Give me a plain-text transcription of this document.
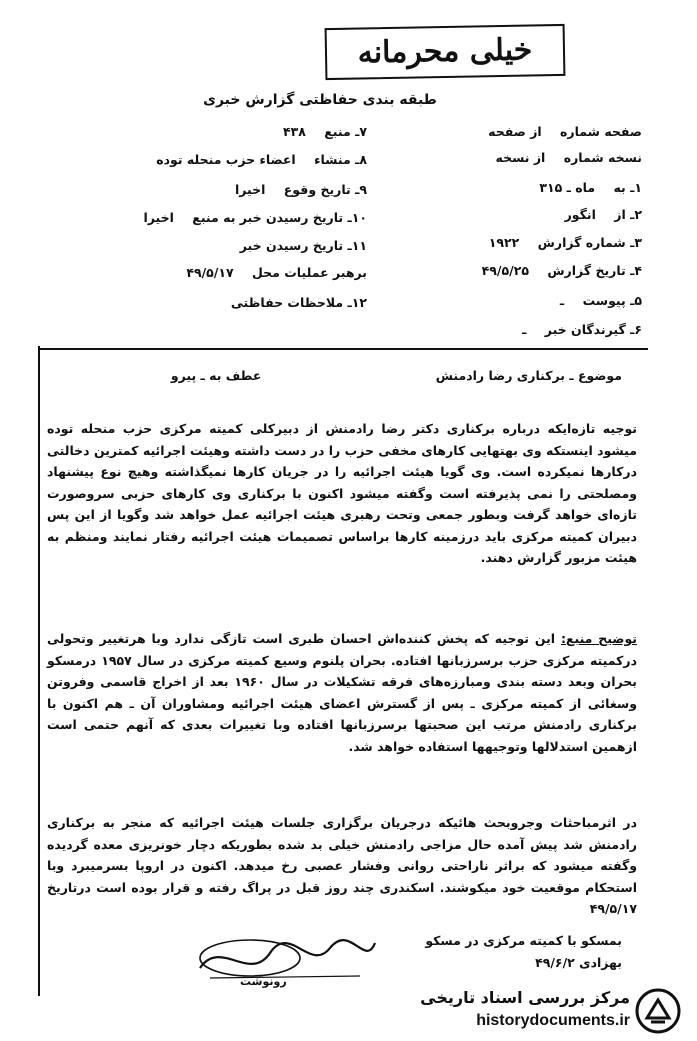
خیلی محرمانه
طبقه بندی حفاظتی گزارش خبری
صفحه شماره از صفحه
نسخه شماره از نسخه
۱ـ به ماه ـ ۳۱۵
۲ـ از انگور
۳ـ شماره گزارش ۱۹۲۲
۴ـ تاریخ گزارش ۴۹/۵/۲۵
۵ـ پیوست ـ
۶ـ گیرندگان خبر ـ
۷ـ منبع ۴۳۸
۸ـ منشاء اعضاء حزب منحله توده
۹ـ تاریخ وقوع اخیرا
۱۰ـ تاریخ رسیدن خبر به منبع اخیرا
۱۱ـ تاریخ رسیدن خبر
برهبر عملیات محل ۴۹/۵/۱۷
۱۲ـ ملاحظات حفاظتی
موضوع ـ برکناری رضا رادمنش عطف به ـ پیرو

توجیه تازه‌ایکه درباره برکناری دکتر رضا رادمنش از دبیرکلی کمیته مرکزی حزب منحله توده میشود اینستکه وی بهتهایی کارهای مخفی حزب را در دست داشته وهیئت اجرائیه کمترین دخالتی درکارها نمیکرده است. وی گویا هیئت اجرائیه را در جریان کارها نمیگذاشته وهیچ نوع پیشنهاد ومصلحتی را نمی پذیرفته است وگفته میشود اکنون با برکناری وی کارهای حزبی سروصورت تازه‌ای خواهد گرفت وبطور جمعی وتحت رهبری هیئت اجرائیه عمل خواهد شد وگویا از این پس دبیران کمیته مرکزی باید درزمینه کارها براساس تصمیمات هیئت اجرائیه رفتار نمایند ومنظم به هیئت مزبور گزارش دهند.

توضیح منبع: این توجیه که پخش کننده‌اش احسان طبری است تازگی ندارد وبا هرتغییر وتحولی درکمیته مرکزی حزب برسرزبانها افتاده. بحران پلنوم وسیع کمیته مرکزی در سال ۱۹۵۷ درمسکو بحران وبعد دسته بندی ومبارزه‌های فرقه تشکیلات در سال ۱۹۶۰ بعد از اخراج قاسمی وفروتن وسغائی از کمیته مرکزی ـ پس از گسترش اعضای هیئت اجرائیه ومشاوران آن ـ هم اکنون با برکناری رادمنش مرتب این صحبتها برسرزبانها افتاده وبا تغییرات بعدی که آنهم حتمی است ازهمین استدلالها وتوجیهها استفاده خواهد شد.

در اثرمباحثات وجروبحث هائیکه درجریان برگزاری جلسات هیئت اجرائیه که منجر به برکناری رادمنش شد پیش آمده حال مزاجی رادمنش خیلی بد شده بطوریکه دچار خونریزی معده گردیده وگفته میشود که براثر ناراحتی روانی وفشار عصبی رخ میدهد. اکنون در اروپا بسرمیبرد وبا استحکام موقعیت خود میکوشند. اسکندری چند روز قبل در پراگ رفته و قرار بوده است درتاریخ ۴۹/۵/۱۷

بمسکو با کمیته مرکزی در مسکو
بهزادی ۴۹/۶/۲
رونوشت
مرکز بررسی اسناد تاریخی
historydocuments.ir
